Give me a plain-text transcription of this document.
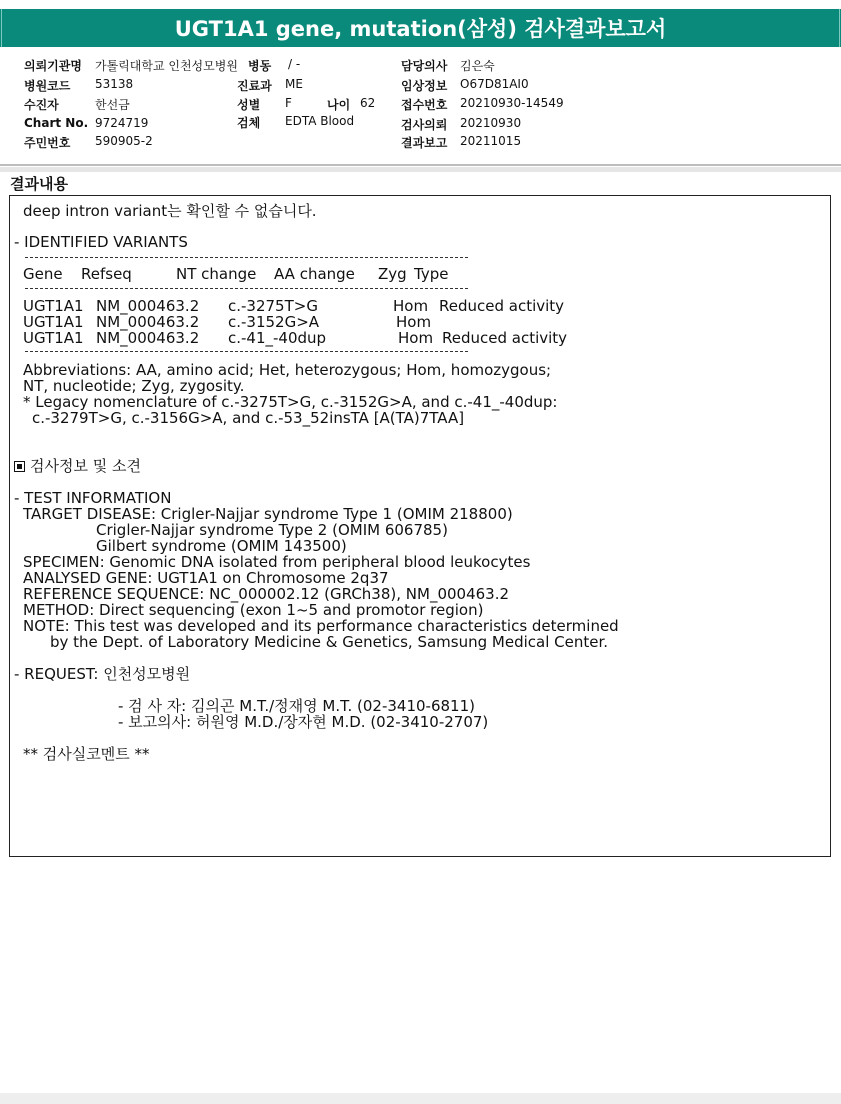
UGT1A1 gene, mutation(삼성) 검사결과보고서
의뢰기관명 가톨릭대학교 인천성모병원 병동 / -	담당의사 김은숙
병원코드 53138	진료과 ME	임상정보 O67D81AI0
수진자	한선금	성별 F	나이 62 접수번호 20210930-14549
Chart No. 9724719	검체 EDTA Blood	검사의뢰 20210930
주민번호 590905-2	결과보고 20211015
결과내용
deep intron variant는 확인할 수 없습니다.
- IDENTIFIED VARIANTS
Gene Refseq	NT change AA change Zyg Type
UGT1A1 NM_000463.2 c.-3275T>G	Hom Reduced activity
UGT1A1 NM_000463.2 c.-3152G>A	Hom
UGT1A1 NM_000463.2 c.-41_-40dup	Hom Reduced activity
Abbreviations: AA, amino acid; Het, heterozygous; Hom, homozygous;
NT, nucleotide; Zyg, zygosity.
* Legacy nomenclature of c.-3275T>G, c.-3152G>A, and c.-41_-40dup:
c.-3279T>G, c.-3156G>A, and c.-53_52insTA [A(TA)7TAA]
검사정보 및 소견
- TEST INFORMATION
TARGET DISEASE: Crigler-Najjar syndrome Type 1 (OMIM 218800)
Crigler-Najjar syndrome Type 2 (OMIM 606785)
Gilbert syndrome (OMIM 143500)
SPECIMEN: Genomic DNA isolated from peripheral blood leukocytes
ANALYSED GENE: UGT1A1 on Chromosome 2q37
REFERENCE SEQUENCE: NC_000002.12 (GRCh38), NM_000463.2
METHOD: Direct sequencing (exon 1~5 and promotor region)
NOTE: This test was developed and its performance characteristics determined
by the Dept. of Laboratory Medicine & Genetics, Samsung Medical Center.
- REQUEST: 인천성모병원
- 검 사 자: 김의곤 M.T./정재영 M.T. (02-3410-6811)
- 보고의사: 허원영 M.D./장자현 M.D. (02-3410-2707)
** 검사실코멘트 **
